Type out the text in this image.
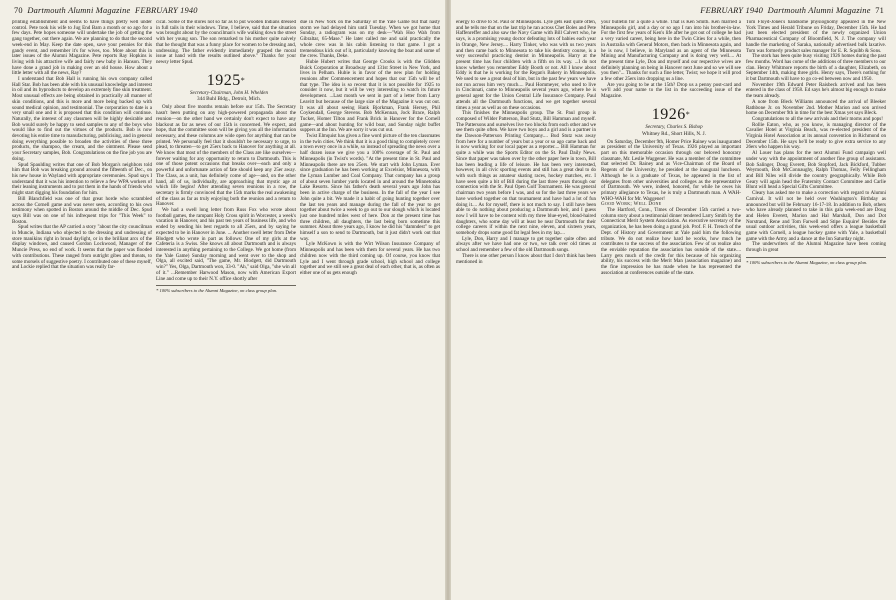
70 Dartmouth Alumni Magazine FEBRUARY 1940

printing establishment and seems to have things pretty well under control. Pete took his wife to Jug End Barn a month or so ago for a few days. Pete hopes someone will undertake the job of getting the gang together, out there again. We are planning to do that the second week-end in May. Keep the date open, save your pennies for this gandy event, and remember it's for wives, too. More about this in later issues of the Alumni Magazine. Pete reports Ray Hopkins is living with his attractive wife and fairly new baby in Hanson. They have done a grand job in making over an old house. How about a little letter with all the news, Ray?

I understand that Bob Hall is running his own company called Hall Star. Bob has been able with his unusual knowledge and interest in oil and its byproducts to develop an extremely fine skin treatment. Most unusual effects are being obtained in practically all manner of skin conditions, and this is more and more being backed up with sound medical opinion, and testimonial. The corporation to date is a very small one and it is proposed that this condition will continue. Naturally, the interest of any classmen will be highly desirable and Bob would surely be happy to send samples to any of the boys who would like to find out the virtues of the products. Bob is now devoting his entire time to manufacturing, publicising, and in general doing everything possible to broaden the activities of these three products, the shampoo, the cream, and the ointment. Please send your Secretary samples, Bob. Congratulations on the fine job you are doing.

Spud Spaulding writes that one of Bob Morgan's neighbors told him that Bob was breaking ground around the fifteenth of Dec., on his new house in Wayland with appropriate ceremonies. Spud says I understand that it was his intention to relieve a few WPA workers of their leaning instruments and to put them in the hands of friends who might start digging his foundation for him.

Bill Blanchfield was one of that great horde who scrambled across the Cornell game and was never seen, according to his own testimony when spotted in Boston around the middle of Dec. Spud says Bill was on one of his infrequent trips for "This Week" to Boston.

Spud writes that the AP carried a story "about the city councilman in Muncie, Indiana who objected to the dressing and undressing of store manikins right in broad daylight, or in the brilliant arcs of the display windows, and caused Gordon Lockwood, Manager of the Muncie Press, no end of work. It seems that the paper was flooded with contributions. These ranged from outright gibes and threats, to some morsels of suggestive poetry. I contributed one of these myself, and Lockie replied that the situation was really far-

cical. Some of the stores not so far as to put wooden Indians dressed in full tails in their windows. Time, I believe, said that the situation was brought about by the councilman's wife walking down the street with her young son. The son remarked to his mother quite naively that he thought that was a funny place for women to be dressing and, undressing. The father evidently immediately grasped the moral issue at hand with the results outlined above." Thanks for your newsy letter Spud.

1925*

Secretary-Chairman, John H. Whelden

344 Buhl Bldg., Detroit, Mich.

Only about five months remain before our 15th. The Secretary hasn't been putting on any high-powered propaganda about the reunion—on the other hand we certainly don't expect to have any blackout as far as news of our 15th is concerned. We expect, and hope, that the committee soon will be giving you all the information necessary, and these columns are wide open for anything that can be printed. We personally feel that it shouldn't be necessary to urge, to plead, to threaten—to get 25ers back to Hanover for anything at all. We know that most of the members of the Class are like ourselves—forever waiting for any opportunity to return to Dartmouth. This is one of those potent occasions that breaks over—each and only a powerful and unfortunate action of fate should keep any 25er away. The Class, as a unit, has definitely come of age—and, on the other hand, all of us, individually, are approaching that mystic age at which life begins! After attending seven reunions in a row, the secretary is firmly convinced that the 15th marks the real awakening of the class as far as truly enjoying both the reunion and a return to Hanover.

We had a swell long letter from Russ Fox who wrote about football games, the rampant Holy Cross spirit in Worcester, a week's vacation in Hanover, and his past ten years of business life, and who ended by sending his best regards to all 25ers, and by saying he expected to be in Hanover in June. ... Another swell letter from Debe Blodgett who wrote in part as follows: One of my girls at the Cafeteria is a Swiss. She knows all about Dartmouth and is always interested in anything pertaining to the College. We got home (from the Yale Game) Sunday morning and went over to the shop and Olga, all excited said, "The game, Mr. Blodgett, did Dartmouth win?" Yes, Olga, Dartmouth won, 33-0. "Ah," said Olga, "she win all of it." ...Remember Harwood Mason, now with American Export Line and come up to their N.Y. office shortly after

* 100% subscribers to the Alumni Magazine, on class group plan.

due in New York on the Saturday of the Yale Game but that nasty storm we had delayed him until Tuesday. When we got home that Sunday, a radiogram was on my desk—"Wah Hoo Wah from Gibraltar, 65-Mase." He later called me and said practically the whole crew was in his cabin listening to that game. I got a tremendous kick out of it, particularly knowing the boat and some of the crew. Thanks, Deke.

Hubie Hubert writes that George Crooks is with the Glidden Buick Corporation at Broadway and 131st Street in New York, and lives in Pelham. Hubie is in favor of the new plan for holding reunions after Commencement and hopes that our 15th will be of that type. The idea is so recent that it is not possible for 1925 to consider it now, but it will be very interesting to watch its future development. ...Last month we sent in part of a letter from Larry Leavitt but because of the large size of the Magazine it was cut out. It was all about seeing Hank Bjorkman, Frank Hersey, Phil Coykendall, George Stevens. Bob McKennan, Jock Brace, Ralph Tucker, Homer Tilton and Frank Brick in Hanover for the Cornell game—and about hunting for wild boar, and Sunday night buffet suppers at the Inn. We are sorry it was cut out.

Twist Elmquist has given a fine word picture of the ten classmates in the twin cities. We think that it is a good thing to completely cover a town every once in a while, so instead of spreading the news over a half dozen issue we give you a 100% coverage of St. Paul and Minneapolis (in Twist's words). "At the present time in St. Paul and Minneapolis there are ten 25ers. We start with John Lyman. Ever since graduation he has been working at Excelsior, Minnesota, with the Lyman Lumber and Coal Company. That company has a group of about seven lumber yards located in and around the Minnetonka Lake Resorts. Since his father's death several years ago John has been in active charge of the business. In the fall of the year I see John quite a bit. We made it a habit of going hunting together over the last ten years and manage during the fall of the year to get together about twice a week to go out to our slough which is located just one hundred miles west of here. Don at the present time has three children, all daughters, the last being born sometime this summer. About three years ago, I know he did his "damndest" to get himself a son to send to Dartmouth, but it just didn't work out that way.

Lyle McKown is with the Wirt Wilson Insurance Company of Minneapolis and has been with them for several years. He has two children now with the third coming up. Of course, you know that Lyle and I went through grade school, high school and college together and we still see a great deal of each other, that is, as often as either one of us gets enough

FEBRUARY 1940 Dartmouth Alumni Magazine 71

energy to drive to St. Paul or Minneapolis. Lyle gets east quite often, and he tells me that on the last trip he ran across Chet Boles and Pete Haffenreffer and also saw the Navy Game with Bill Calvert who, he says, is a promising young doctor defeating lots of babies each year in Orange, New Jersey.... Harry Tinker, who was with us two years and then came back to Minnesota to take his dentistry course, is a very successful practicing dentist in Minneapolis. Harry at the present time has four children with a fifth on its way. ...I do not know whether you remember Eddy Booth or not. All I know about Eddy is that he is working for the Regan's Bakery in Minneapolis. We used to see a great deal of him, but in the past few years we have not run across him very much.... Paul Hommeyer, who used to live in Cincinnati, came to Minneapolis several years ago, where he is general agent for the Union Central Life Insurance Company. Paul attends all the Dartmouth functions, and we get together several times a year as well as on these occasions.

This finishes the Minneapolis group. The St. Paul group is composed of Wilder Patterson, Bud Stutz, Bill Hamman and myself. The Pattersons and ourselves live two blocks from each other and we see them quite often. We have two boys and a girl and is a partner in the Dawson-Patterson Printing Company.... Bud Stutz was away from here for a number of years but a year or so ago came back and is now working for our local paper as a reporter.... Bill Hamman for quite a while was the Sports Editor on the St. Paul Daily News. Since that paper was taken over by the other paper here in town, Bill has been leading a life of leisure. He has been very interested, however, in all civic sporting events and still has a great deal to do with such things as amateur skating races, hockey matches, etc. I have seen quite a bit of Bill during the last three years through our connection with the St. Paul Open Golf Tournament. He was general chairman two years before I was, and so for the last three years we have worked together on that tournament and have had a lot of fun doing it.... As for myself, there is not much to say. I still have been able to do nothing about producing a Dartmouth heir, and I guess now I will have to be content with my three blue-eyed, blond-haired daughters, who some day will at least be near Dartmouth for their college careers if within the next nine, eleven, and sixteen years, somebody drops some good fat legal fees in my lap....

Lyle, Don, Harry and I manage to get together quite often and always after we have had one or two, we talk over old times at school and remember a few of the old Dartmouth songs.

There is one other person I know about that I don't think has been mentioned in

your bulletin for a quite a while. That is Ken Smith. Ken married a Minneapolis girl, and a day or so ago I ran into his brother-in-law. For the first few years of Ken's life after he got out of college he had a very varied career, being here in the Twin Cities for a while, then in Australia with General Motors, then back in Minnesota again, and he is now, I believe, in Maryland as an agent of the Minnesota Mining and Manufacturing Company and is doing very well.... At the present time Lyle, Don and myself and our respective wives are definitely planning on being in Hanover next June and so we will see you then"... Thanks for such a fine letter, Twist; we hope it will prod a few other 25ers into dropping us a line.

Are you going to be at the 15th? Drop us a penny post-card and we'll add your name to the list in the succeeding issue of the Magazine.

1926*

Secretary, Charles S. Bishop

Whitney Rd., Short Hills, N. J.

On Saturday, December 9th, Homer Price Rainey was inaugurated as president of the University of Texas. 1926 played an important part on this memorable occasion through our beloved honorary classmate, Mr. Leslie Waggener. He was a member of the committee that selected Dr. Rainey and as Vice-Chairman of the Board of Regents of the University, he presided at the inaugural luncheon. Although he is a graduate of Texas, he appeared in the list of delegates from other universities and colleges as the representative of Dartmouth. We were, indeed, honored, for while he owes his primary allegiance to Texas, he is truly a Dartmouth man. A WAH-WHO-WAH for Mr. Waggener!

Good Work; Well Done

The Hartford, Conn., Times of December 15th carried a two-column story about a testimonial dinner tendered Larry Smith by the Connecticut Merit System Association. As executive secretary of the organization, he has been doing a grand job. Prof. F. H. Trench of the Dept. of History and Government at Yale paid him the following tribute. We do not realize how hard he works, how much he contributes to the success of the association. Few of us realize also the enviable reputation the association has outside of the state.... Larry gets much of the credit for this because of his organizing ability, his success with the Merit Man (association magazine) and the fine impression he has made when he has represented the association at conferences outside of the state.

Tom Floyd-Jones's handsome physiognomy appeared in the New York Times and Herald Tribune on Friday, December 15th. He had just been elected president of the newly organized Union Pharmaceutical Company of Bloomfield, N. J. The company will handle the marketing of Saraka, nationally advertised bulk laxative. Tom was formerly product sales manager for E. R. Squibb & Sons.

The stork has been quite busy visiting 1926 homes during the past few months. Word has come of the additions of three members to our clan. Henry Whitmore reports the birth of a daughter, Elizabeth, on September 14th, making three girls. Henry says, There's nothing for it but Dartmouth will have to go co-ed between now and 1950.

November 19th Edward Peter Raisbeck arrived and has been entered in the class of 1958. Ed says he's almost big enough to make the team already.

A note from Bleck Williams announced the arrival of Bleeker Rathbone Jr. on November 2nd. Mother Marion and son arrived home on December 9th in time for the best Xmas yet says Bleck.

Congratulations to all the new arrivals and their moms and pops!

Rollie Eaton, who, as you know, is managing director of the Cavalier Hotel at Virginia Beach, was re-elected president of the Virginia Hotel Association at its annual convention in Richmond on December 15th. He says he'll be ready to give extra service to any 26ers who happen his way.

Al Louer has plans for the next Alumni Fund campaign well under way with the appointment of another fine group of assistants. Bob Salinger, Doug Everett, Bob Stopford, Jack Bickford, Tubber Weymouth, Bob McConnaughy, Ralph Thomas, Felly Fellingham and Bill Niles will divide the country geographically. While Bob Geary will again head the Fraternity Contact Committee and Carlie Blunt will head a Special Gifts Committee.

Cleary has asked me to make a correction with regard to Alumni Carnival. It will not be held over Washington's Birthday as announced but will be February 16-17-18. In addition to Bob, others who have already planned to take in this gala week-end are Doug and Helen Everett, Marion and Hal Marshall, Don and Dot Norstrand, Rene and Tom Farwell and Stipe Esquire! Besides the usual outdoor activities, this week-end offers a league basketball game with Cornell, a league hockey game with Yale, a basketball game with the Army and a dance at the Inn Saturday night.

The underwriters of the Alumni Magazine have been coming through in great

* 100% subscribers to the Alumni Magazine, on class group plan.
